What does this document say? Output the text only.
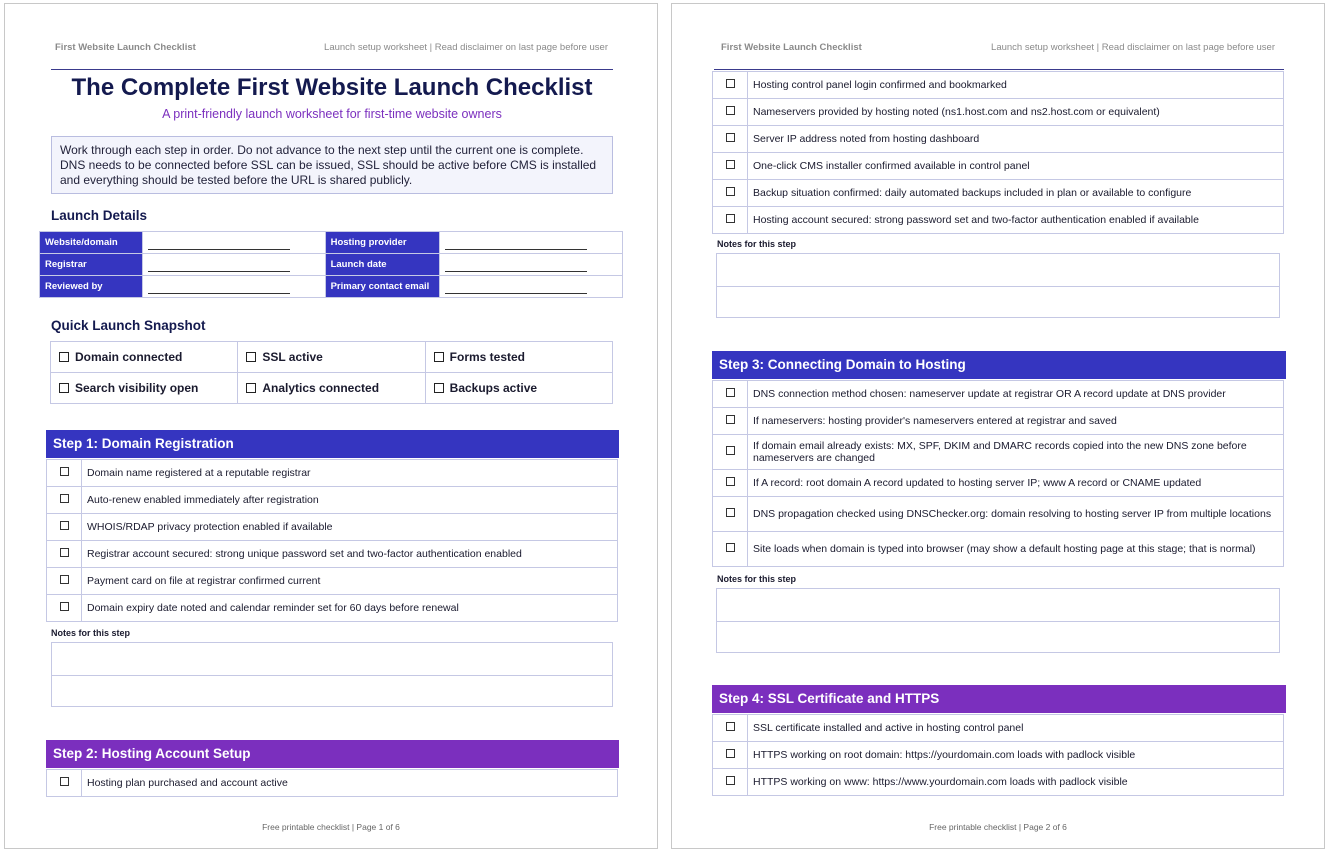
First Website Launch Checklist	Launch setup worksheet | Read disclaimer on last page before user
The Complete First Website Launch Checklist
A print-friendly launch worksheet for first-time website owners
Work through each step in order. Do not advance to the next step until the current one is complete. DNS needs to be connected before SSL can be issued, SSL should be active before CMS is installed and everything should be tested before the URL is shared publicly.
Launch Details
Website/domain		Hosting provider	

Registrar		Launch date	

Reviewed by		Primary contact email	
Quick Launch Snapshot
Domain connected	SSL active	Forms tested
Search visibility open	Analytics connected	Backups active
Step 1: Domain Registration
	Domain name registered at a reputable registrar
	Auto-renew enabled immediately after registration
	WHOIS/RDAP privacy protection enabled if available
	Registrar account secured: strong unique password set and two-factor authentication enabled
	Payment card on file at registrar confirmed current
	Domain expiry date noted and calendar reminder set for 60 days before renewal
Notes for this step
Step 2: Hosting Account Setup
	Hosting plan purchased and account active
Free printable checklist | Page 1 of 6
First Website Launch Checklist	Launch setup worksheet | Read disclaimer on last page before user
	Hosting control panel login confirmed and bookmarked
	Nameservers provided by hosting noted (ns1.host.com and ns2.host.com or equivalent)
	Server IP address noted from hosting dashboard
	One-click CMS installer confirmed available in control panel
	Backup situation confirmed: daily automated backups included in plan or available to configure
	Hosting account secured: strong password set and two-factor authentication enabled if available
Notes for this step
Step 3: Connecting Domain to Hosting
	DNS connection method chosen: nameserver update at registrar OR A record update at DNS provider
	If nameservers: hosting provider's nameservers entered at registrar and saved
	If domain email already exists: MX, SPF, DKIM and DMARC records copied into the new DNS zone before nameservers are changed
	If A record: root domain A record updated to hosting server IP; www A record or CNAME updated
	DNS propagation checked using DNSChecker.org: domain resolving to hosting server IP from multiple locations
	Site loads when domain is typed into browser (may show a default hosting page at this stage; that is normal)
Notes for this step
Step 4: SSL Certificate and HTTPS
	SSL certificate installed and active in hosting control panel
	HTTPS working on root domain: https://yourdomain.com loads with padlock visible
	HTTPS working on www: https://www.yourdomain.com loads with padlock visible
Free printable checklist | Page 2 of 6
